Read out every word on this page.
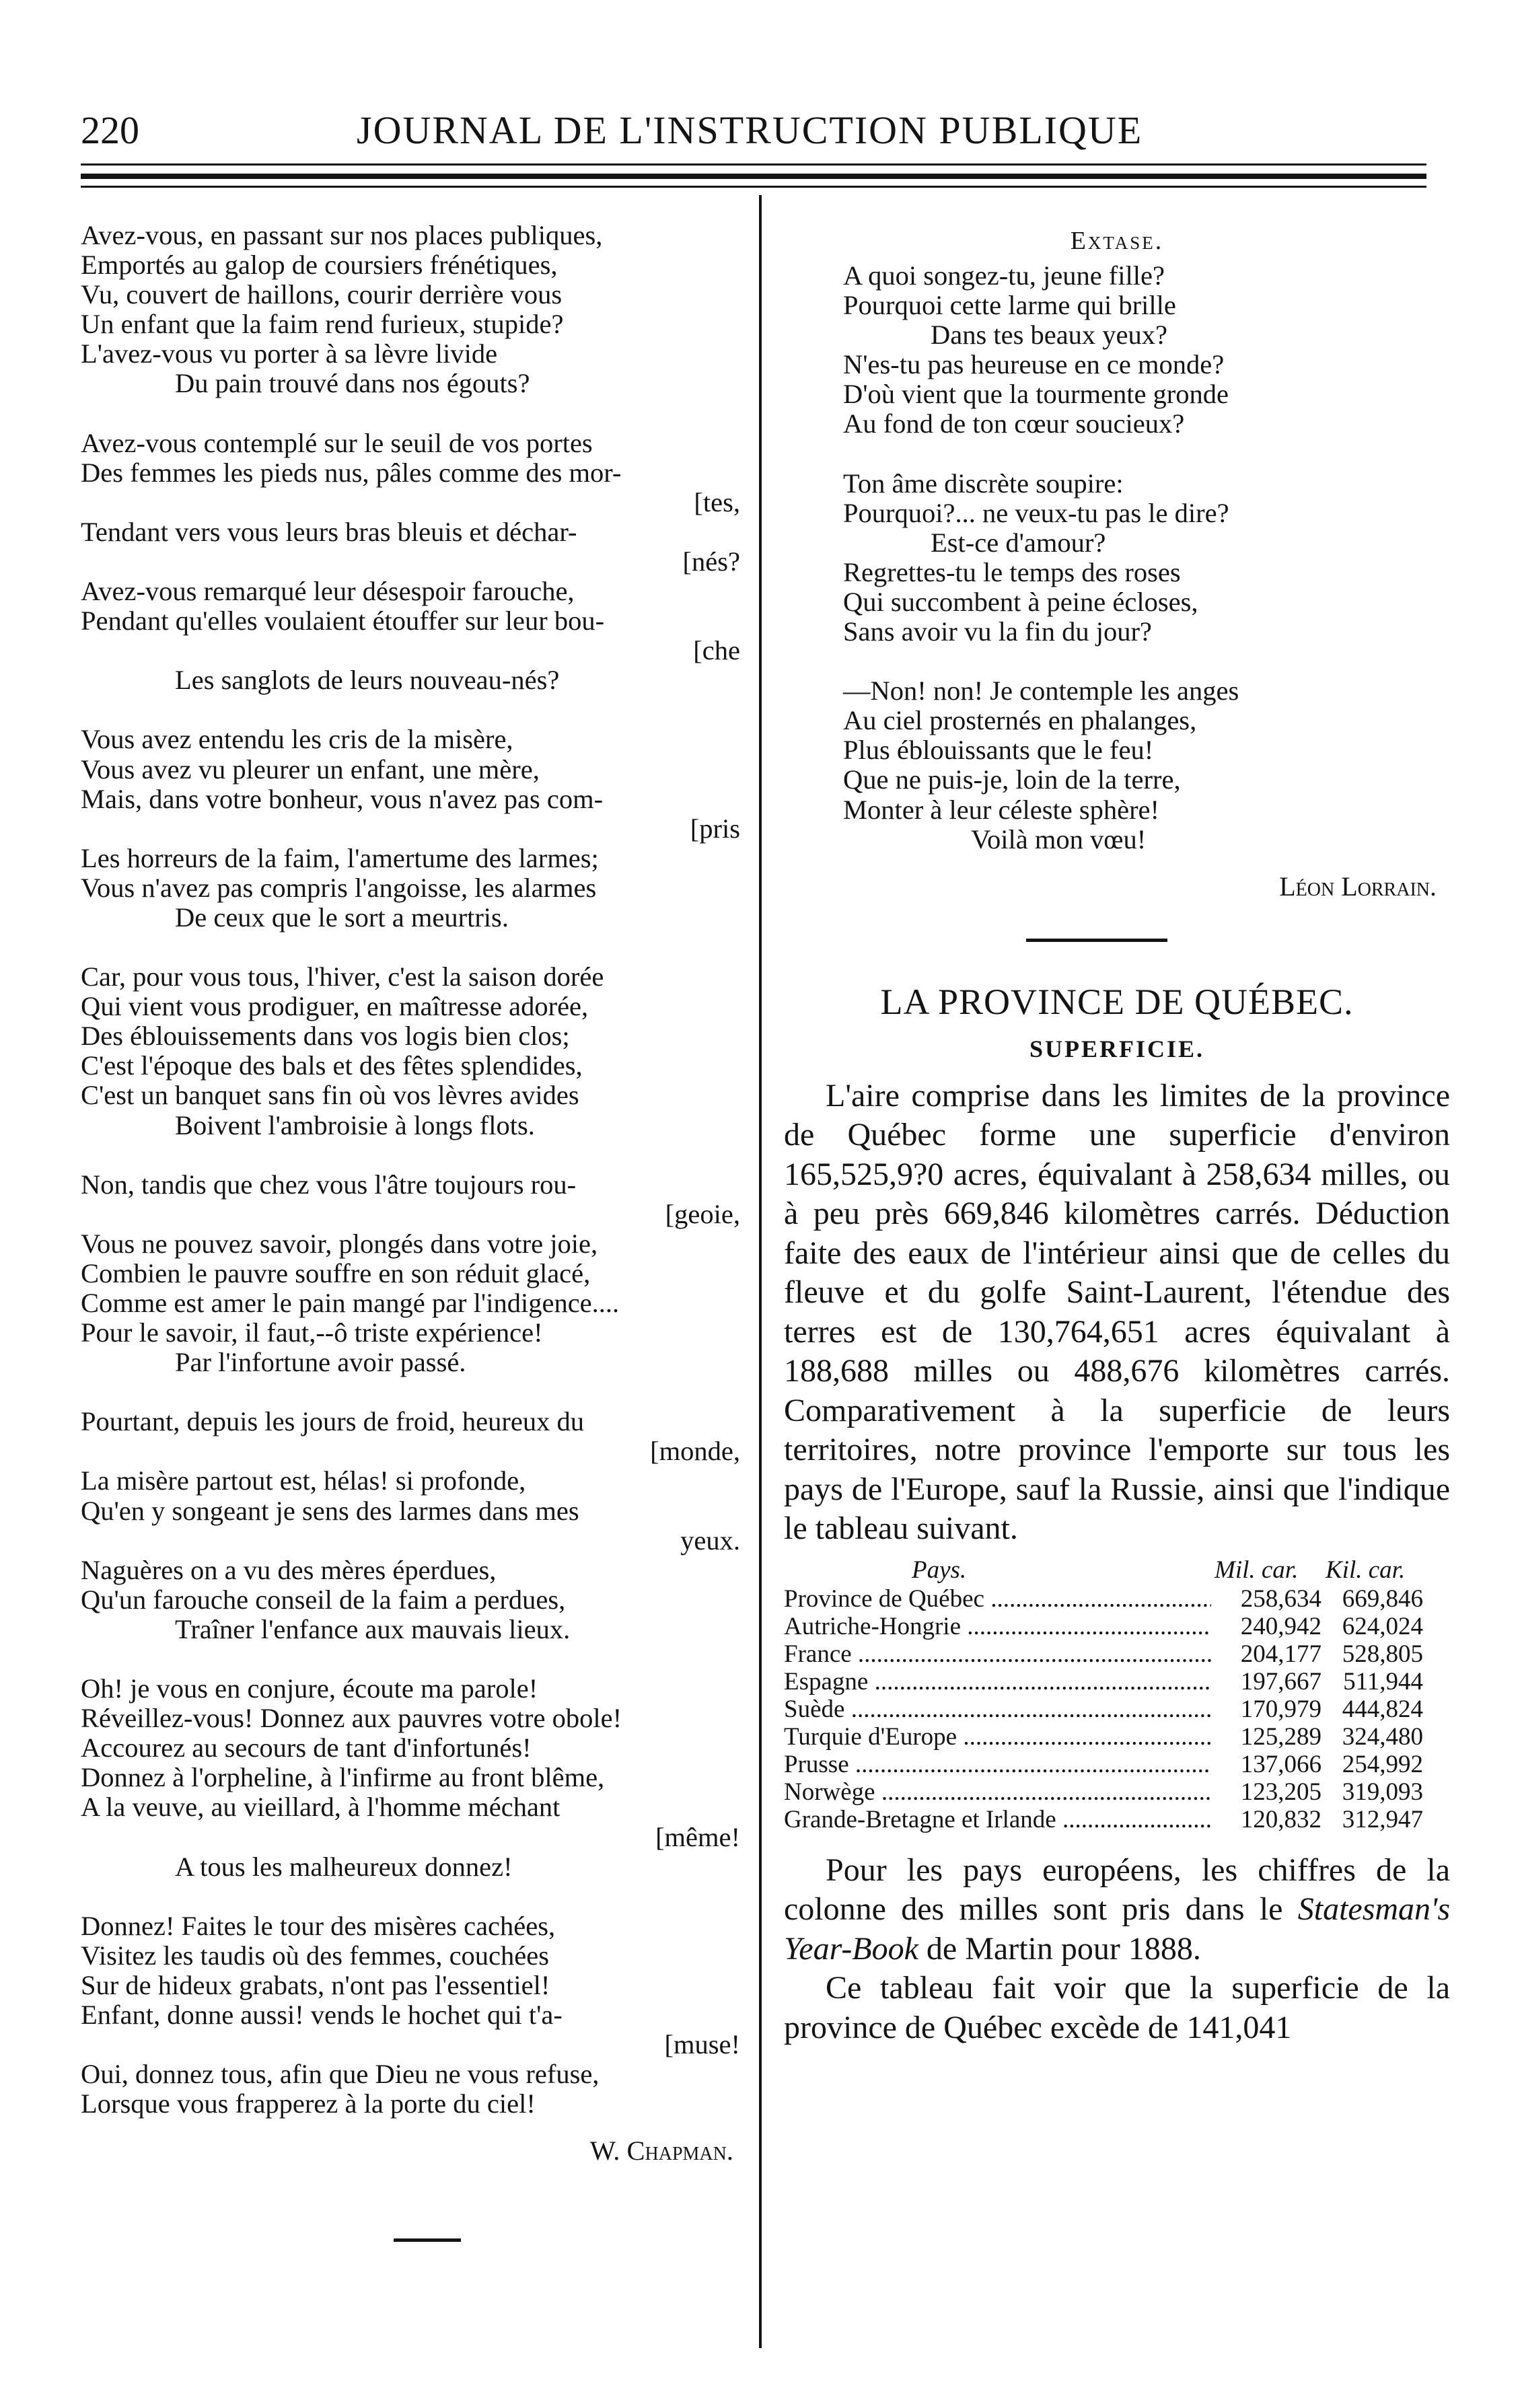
220	JOURNAL DE L'INSTRUCTION PUBLIQUE
Avez-vous, en passant sur nos places publiques,
Emportés au galop de coursiers frénétiques,
Vu, couvert de haillons, courir derrière vous
Un enfant que la faim rend furieux, stupide?
L'avez-vous vu porter à sa lèvre livide
Du pain trouvé dans nos égouts?
Avez-vous contemplé sur le seuil de vos portes
Des femmes les pieds nus, pâles comme des mor-
[tes,
Tendant vers vous leurs bras bleuis et déchar-
[nés?
Avez-vous remarqué leur désespoir farouche,
Pendant qu'elles voulaient étouffer sur leur bou-
[che
Les sanglots de leurs nouveau-nés?
Vous avez entendu les cris de la misère,
Vous avez vu pleurer un enfant, une mère,
Mais, dans votre bonheur, vous n'avez pas com-
[pris
Les horreurs de la faim, l'amertume des larmes;
Vous n'avez pas compris l'angoisse, les alarmes
De ceux que le sort a meurtris.
Car, pour vous tous, l'hiver, c'est la saison dorée
Qui vient vous prodiguer, en maîtresse adorée,
Des éblouissements dans vos logis bien clos;
C'est l'époque des bals et des fêtes splendides,
C'est un banquet sans fin où vos lèvres avides
Boivent l'ambroisie à longs flots.
Non, tandis que chez vous l'âtre toujours rou-
[geoie,
Vous ne pouvez savoir, plongés dans votre joie,
Combien le pauvre souffre en son réduit glacé,
Comme est amer le pain mangé par l'indigence....
Pour le savoir, il faut,--ô triste expérience!
Par l'infortune avoir passé.
Pourtant, depuis les jours de froid, heureux du
[monde,
La misère partout est, hélas! si profonde,
Qu'en y songeant je sens des larmes dans mes
yeux.
Naguères on a vu des mères éperdues,
Qu'un farouche conseil de la faim a perdues,
Traîner l'enfance aux mauvais lieux.
Oh! je vous en conjure, écoute ma parole!
Réveillez-vous! Donnez aux pauvres votre obole!
Accourez au secours de tant d'infortunés!
Donnez à l'orpheline, à l'infirme au front blême,
A la veuve, au vieillard, à l'homme méchant
[même!
A tous les malheureux donnez!
Donnez! Faites le tour des misères cachées,
Visitez les taudis où des femmes, couchées
Sur de hideux grabats, n'ont pas l'essentiel!
Enfant, donne aussi! vends le hochet qui t'a-
[muse!
Oui, donnez tous, afin que Dieu ne vous refuse,
Lorsque vous frapperez à la porte du ciel!
W. Chapman.
Extase.
A quoi songez-tu, jeune fille?
Pourquoi cette larme qui brille
Dans tes beaux yeux?
N'es-tu pas heureuse en ce monde?
D'où vient que la tourmente gronde
Au fond de ton cœur soucieux?
Ton âme discrète soupire:
Pourquoi?... ne veux-tu pas le dire?
Est-ce d'amour?
Regrettes-tu le temps des roses
Qui succombent à peine écloses,
Sans avoir vu la fin du jour?
—Non! non! Je contemple les anges
Au ciel prosternés en phalanges,
Plus éblouissants que le feu!
Que ne puis-je, loin de la terre,
Monter à leur céleste sphère!
Voilà mon vœu!
Léon Lorrain.
LA PROVINCE DE QUÉBEC.
SUPERFICIE.
L'aire comprise dans les limites de la province de Québec forme une superficie d'environ 165,525,9?0 acres, équivalant à 258,634 milles, ou à peu près 669,846 kilomètres carrés. Déduction faite des eaux de l'intérieur ainsi que de celles du fleuve et du golfe Saint-Laurent, l'étendue des terres est de 130,764,651 acres équivalant à 188,688 milles ou 488,676 kilomètres carrés. Comparativement à la superficie de leurs territoires, notre province l'emporte sur tous les pays de l'Europe, sauf la Russie, ainsi que l'indique le tableau suivant.
Pays.	Mil. car. Kil. car.
Province de Québec .....	258,634 669,846
Autriche-Hongrie .....	240,942 624,024
France .....	204,177 528,805
Espagne .....	197,667 511,944
Suède .....	170,979 444,824
Turquie d'Europe .....	125,289 324,480
Prusse .....	137,066 254,992
Norwège .....	123,205 319,093
Grande-Bretagne et Irlande .....	120,832 312,947
Pour les pays européens, les chiffres de la colonne des milles sont pris dans le Statesman's Year-Book de Martin pour 1888.
Ce tableau fait voir que la superficie de la province de Québec excède de 141,041
